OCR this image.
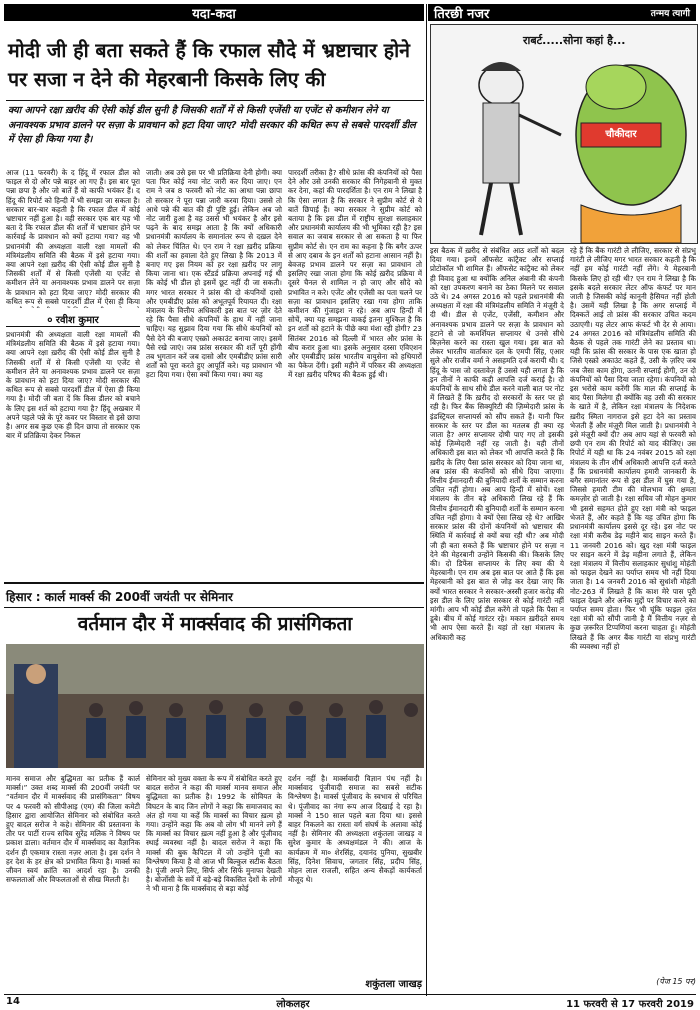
यदा-कदा	तिरछी नजर	तन्मय त्यागी
मोदी जी ही बता सकते हैं कि रफाल सौदे में भ्रष्टाचार होने पर सजा न देने की मेहरबानी किसके लिए की
क्या आपने रक्षा ख़रीद की ऐसी कोई डील सुनी है जिसकी शर्तों में से किसी एजेंसी या एजेंट से कमीशन लेने या अनावश्यक प्रभाव डालने पर सज़ा के प्रावधान को हटा दिया जाए? मोदी सरकार की कथित रूप से सबसे पारदर्शी डील में ऐसा ही किया गया है।
आज (11 फरवरी) के द हिंदू में रफाल डील को फाइल से दो और पन्ने बाहर आ गए हैं। इस बार पूरा पन्ना छपा है और जो बातें हैं वो काफी भयंकर हैं। द हिंदू की रिपोर्ट को हिन्दी में भी समझा जा सकता है। सरकार बार-बार कहती है कि रफाल डील में कोई भ्रष्टाचार नहीं हुआ है। वही सरकार एक बार यह भी बता दे कि रफाल डील की शर्तों में भ्रष्टाचार होने पर कार्रवाई के प्रावधान को क्यों हटाया गया? वह भी प्रधानमंत्री की अध्यक्षता वाली रक्षा मामलों की मंत्रिमंडलीय समिति की बैठक में इसे हटाया गया। क्या आपने रक्षा ख़रीद की ऐसी कोई डील सुनी है जिसकी शर्तों में से किसी एजेंसी या एजेंट से कमीशन लेने या अनावश्यक प्रभाव डालने पर सज़ा के प्रावधान को हटा दिया जाए? मोदी सरकार की कथित रूप से सबसे पारदर्शी डील में ऐसा ही किया
० रवीश कुमार
प्रधानमंत्री की अध्यक्षता वाली रक्षा मामलों की मंत्रिमंडलीय समिति की बैठक में इसे हटाया गया। क्या आपने रक्षा ख़रीद की ऐसी कोई डील सुनी है जिसकी शर्तों में से किसी एजेंसी या एजेंट से कमीशन लेने या अनावश्यक प्रभाव डालने पर सज़ा के प्रावधान को हटा दिया जाए? मोदी सरकार की कथित रूप से सबसे पारदर्शी डील में ऐसा ही किया गया है। मोदी जी बता दें कि किस डीलर को बचाने के लिए इस शर्त को हटाया गया है? हिंदू अखबार में अपने पहले पन्ने के पूरे कवर पर विस्तार से इसे छापा है। अगर सब कुछ एक ही दिन छापा तो सरकार एक बार में प्रतिक्रिया देकर निकल
जाती। अब उसे इस पर भी प्रतिक्रिया देनी होगी। क्या पता फिर कोई नया नोट जारी कर दिया जाए। एन राम ने जब 8 फरवरी को नोट का आधा पन्ना छापा तो सरकार ने पूरा पन्ना जारी करवा दिया। उससे तो आधे पन्ने की बात की ही पुष्टि हुई। लेकिन अब जो नोट जारी हुआ है वह उससे भी भयंकर है और इसे पढ़ने के बाद समझ आता है कि क्यों अधिकारी प्रधानमंत्री कार्यालय के समानांतर रूप से दख़ल देने को लेकर चिंतित थे। एन राम ने रक्षा ख़रीद प्रक्रिया की शर्तों का हवाला देते हुए लिखा है कि 2013 में बनाए गए इस नियम को हर रक्षा ख़रीद पर लागू किया जाना था। एक स्टैंडर्ड प्रक्रिया अपनाई गई थी कि कोई भी डील हो इसमें छूट नहीं दी जा सकती। मगर भारत सरकार ने फ्रांस की दो कंपनियों दासो और एमबीडीए फ्रांस को अभूतपूर्व रियायत दी। रक्षा मंत्रालय के वित्तीय अधिकारी इस बात पर ज़ोर देते रहे कि पैसा सीधे कंपनियों के हाथ में नहीं जाना चाहिए। यह सुझाव दिया गया कि सीधे कंपनियों को पैसे देने की बजाए एस्क्रो अकाउंट बनाया जाए। इसमें पैसे रखे जाएं। जब फ्रांस सरकार की शर्तें पूरी होंगी तब भुगतान करें जब दासो और एमबीडीए फ्रांस सारी शर्तों को पूरा करते हुए आपूर्ति करे। यह प्रावधान भी हटा दिया गया। ऐसा क्यों किया गया। क्या यह
पारदर्शी तरीका है? सीधे फ्रांस की कंपनियों को पैसा देने और उसे उनकी सरकार की निगेहबानी से मुक्त कर देना, कहां की पारदर्शिता है। एन राम ने लिखा है कि ऐसा लगता है कि सरकार ने सुप्रीम कोर्ट से ये बातें छिपाई हैं। क्या सरकार ने सुप्रीम कोर्ट को बताया है कि इस डील में राष्ट्रीय सुरक्षा सलाहकार और प्रधानमंत्री कार्यालय की भी भूमिका रही है? इस सवाल का जवाब सरकार से आ सकता है या फिर सुप्रीम कोर्ट से। एन राम का कहना है कि बगैर ऊपर से आए दबाव के इन शर्तों को हटाना आसान नहीं है। बेवजह प्रभाव डालने पर सज़ा का प्रावधान तो इसलिए रखा जाता होगा कि कोई ख़रीद प्रक्रिया में दूसरे चैनल से शामिल न हो जाए और सौदे को प्रभावित न करे। एजेंट और एजेंसी का पता चलने पर सज़ा का प्रावधान इसलिए रखा गया होगा ताकि कमीशन की गुंजाइश न रहे। अब आप हिन्दी में सोचें, क्या यह समझना वाकई इतना मुश्किल है कि इन शर्तों को हटाने के पीछे क्या मंशा रही होगी? 23 सितंबर 2016 को दिल्ली में भारत और फ्रांस के बीच करार हुआ था। इसके अनुसार दस्सा एविएशन और एमबीडीए फ्रांस भारतीय वायुसेना को हथियारों का पैकेज देंगी। इसी महीने में परिकर की अध्यक्षता में रक्षा ख़रीद परिषद की बैठक हुई थी।
राबर्ट.....सोना कहां है...
चौकीदार
इस बैठक में ख़रीद से संबंधित आठ शर्तों को बदल दिया गया। इनमें ऑफसेट कांट्रैक्ट और सप्लाई प्रोटोकॉल भी शामिल हैं। ऑफसेट कांट्रैक्ट को लेकर ही विवाद हुआ था क्योंकि अनिल अंबानी की कंपनी को रक्षा उपकरण बनाने का ठेका मिलने पर सवाल उठे थे। 24 अगस्त 2016 को पहले प्रधानमंत्री की अध्यक्षता में रक्षा की मंत्रिमंडलीय समिति ने मंज़ूरी दे दी थी। डील से एजेंट, एजेंसी, कमीशन और अनावश्यक प्रभाव डालने पर सज़ा के प्रावधान को हटाने से जो कमर्शियल सप्लायर थे उनसे सीधे बिज़नेस करने का रास्ता खुल गया। इस बात को लेकर भारतीय वार्ताकार दल के एमपी सिंह, एआर सुले और राजीव वर्मा ने असहमति दर्ज करायी थी। द हिंदू के पास जो दस्तावेज़ हैं उससे यही लगता है कि इन तीनों ने काफी कड़ी आपत्ति दर्ज कराई है। दो कंपनियों के साथ सीधे डील करने वाली बात पर नोट में लिखते हैं कि ख़रीद दो सरकारों के स्तर पर हो रही है। फिर बैंक सिक्यूरिटी की ज़िम्मेदारी फ्रांस के इंडस्ट्रियल सप्लायर्स को सौंप सकते हैं। यानी फिर सरकार के स्तर पर डील का मतलब ही क्या रह जाता है? अगर सप्लायर दोषी पाए गए तो इसकी कोई ज़िम्मेदारी नहीं रह जाती है। यही तीनों अधिकारी इस बात को लेकर भी आपत्ति करते हैं कि ख़रीद के लिए पैसा फ्रांस सरकार को दिया जाना था, अब फ्रांस की कंपनियों को सीधे दिया जाएगा। वित्तीय ईमानदारी की बुनियादी शर्तों के सम्मान करना उचित नहीं होगा। अब आप हिन्दी में सोचें। रक्षा मंत्रालय के तीन बड़े अधिकारी लिख रहे हैं कि वित्तीय ईमानदारी की बुनियादी शर्तों के सम्मान करना उचित नहीं होगा। वे क्यों ऐसा लिख रहे थे? आखिर सरकार फ्रांस की दोनों कंपनियों को भ्रष्टाचार की स्थिति में कार्रवाई से क्यों बचा रही थी? अब मोदी जी ही बता सकते हैं कि भ्रष्टाचार होने पर सज़ा न देने की मेहरबानी उन्होंने किसकी की। किसके लिए की। दो डिफेंस सप्लायर के लिए क्या की ये मेहरबानी। एन राम अब इस बात पर आते हैं कि इस मेहरबानी को इस बात से जोड़ कर देखा जाए कि क्यों भारत सरकार ने सरकार-अस्सी हजार करोड़ की इस डील के लिए फ्रांस सरकार से कोई गारंटी नहीं मांगी। आप भी कोई डील करेंगे तो पहले कि पैसा न डूबे। बीच में कोई गारंटर रहे। मकान ख़रीदते समय भी आप ऐसा करते हैं। यहां तो रक्षा मंत्रालय के अधिकारी कह
रहे हैं कि बैंक गारंटी ले लीजिए, सरकार से संप्रभु गारंटी ले लीजिए मगर भारत सरकार कहती है कि नहीं हम कोई गारंटी नहीं लेंगे। ये मेहरबानी किसके लिए हो रही थी? एन राम ने लिखा है कि इसके बदले सरकार लेटर ऑफ कंफर्ट पर मान जाती है जिसकी कोई कानूनी हैसियत नहीं होती है। उसमें यही लिखा है कि अगर सप्लाई में दिक्कतें आई तो फ्रांस की सरकार उचित कदम उठाएगी। यह लेटर आफ कंफर्ट भी देर से आया। 24 अगस्त 2016 को मंत्रिमंडलीय समिति की बैठक से पहले तक गारंटी लेने का प्रस्ताव था। यही कि फ्रांस की सरकार के पास एक खाता हो जिसे एस्क्रो अकाउंट कहते हैं, उसी के ज़रिए जब जब जैसा काम होगा, उतनी सप्लाई होगी, उन दो कंपनियों को पैसा दिया जाता रहेगा। कंपनियों को इस भरोसे काम करेंगी कि माल की सप्लाई के बाद पैसा मिलेगा ही क्योंकि वह उसी की सरकार के खाते में है, लेकिन रक्षा मंत्रालय के निदेशक ख़रीद स्मिता नागराज इसे हटा देने का प्रस्ताव भेजती हैं और मंज़ूरी मिल जाती है। प्रधानमंत्री ने इसे मंज़ूरी क्यों दी? अब आप यहां से फरवरी को छपी एन राम की रिपोर्ट को याद कीजिए। उस रिपोर्ट में यही था कि 24 नवंबर 2015 को रक्षा मंत्रालय के तीन शीर्ष अधिकारी आपत्ति दर्ज करते हैं कि प्रधानमंत्री कार्यालय हमारी जानकारी के बगैर समानांतर रूप से इस डील में घुस गया है, जिससे हमारी टीम की मोलभाव की क्षमता कमज़ोर हो जाती है। रक्षा सचिव जी मोहन कुमार भी इससे सहमत होते हुए रक्षा मंत्री को फाइल भेजते हैं, और कहते हैं कि यह उचित होगा कि प्रधानमंत्री कार्यालय इससे दूर रहे। इस नोट पर रक्षा मंत्री करीब डेढ़ महीने बाद साइन करते हैं। 11 जनवरी 2016 को। खुद रक्षा मंत्री फाइल पर साइन करने में डेढ़ महीना लगाते हैं, लेकिन रक्षा मंत्रालय में वित्तीय सलाहकार सुधांशु मोहंती को फाइल देखने का पर्याप्त समय भी नहीं दिया जाता है। 14 जनवरी 2016 को सुधांशी मोहंती नोट-263 में लिखते हैं कि काश मेरे पास पूरी फाइल देखने और अनेक मुद्दों पर विचार करने का पर्याप्त समय होता। फिर भी चूंकि फाइल तुरंत रक्षा मंत्री को सौंपी जानी है मैं वित्तीय नज़र से कुछ ज़रूरित टिप्पणियां करना चाहता हूं। मोहंती लिखते हैं कि अगर बैंक गारंटी या संप्रभु गारंटी की व्यवस्था नहीं हो
(पेज 15 पर)
हिसार : कार्ल मार्क्स की 200वीं जयंती पर सेमिनार
वर्तमान दौर में मार्क्सवाद की प्रासंगिकता
मानव समाज और बुद्धिमता का प्रतीक हैं कार्ल मार्क्स।” उक्त शब्द मार्क्स की 200वीं जयंती पर “वर्तमान दौर में मार्क्सवाद की प्रासंगिकता” विषय पर 4 फरवरी को सीपीआइ (एम) की जिला कमेटी हिसार द्वारा आयोजित सेमिनार को संबोधित करते हुए बादल सरोज ने कहे। सेमिनार की प्रस्तावना के तौर पर पार्टी राज्य सचिव सुरेंद्र मलिक ने विषय पर प्रकाश डाला। वर्तमान दौर में मार्क्सवाद का वैज्ञानिक दर्शन ही एकमात्र रास्ता नज़र आता है। इस दर्शन ने हर देश के हर क्षेत्र को प्रभावित किया है। मार्क्स का जीवन स्वयं क्रांति का आदर्श रहा है। उनकी सफलताओं और विफलताओं से सीख मिलती है।
सेमिनार को मुख्य वक्ता के रूप में संबोधित करते हुए बादल सरोज ने कहा की मार्क्स मानव समाज और बुद्धिमता का प्रतीक है। 1992 के सोवियत के विघटन के बाद जिन लोगों ने कहा कि समाजवाद का अंत हो गया या कहें कि मार्क्स का विचार ख़त्म हो गया। उन्होंने कहा कि अब वो लोग भी मानने लगे हैं कि मार्क्स का विचार ख़त्म नहीं हुआ है और पूंजीवाद स्थाई व्यवस्था नहीं है। बादल सरोज ने कहा कि मार्क्स की बुक कैपिटल में जो उन्होंने पूंजी का विश्लेषण किया है वो आज भी बिल्कुल सटीक बैठता है। पूंजी अपने लिए, सिर्फ और सिर्फ मुनाफा देखती है। बोर्जोसी के सर्वे में बड़े-बड़े विकसित देशों के लोगों ने भी माना है कि मार्क्सवाद से बड़ा कोई
दर्शन नहीं है। मार्क्सवादी विज्ञान पंथ नहीं है। मार्क्सवाद पूंजीवादी समाज का सबसे सटीक विश्लेषण है। मार्क्स पूंजीवाद के स्वभाव से परिचित थे। पूंजीवाद का नंगा रूप आज दिखाई दे रहा है। मार्क्स ने 150 साल पहले बता दिया था। इससे बाहर निकलने का रास्ता वर्ग संघर्ष के अलावा कोई नहीं है। सेमिनार की अध्यक्षता शकुंतला जाखड़ व सुरेश कुमार के अध्यक्षमंडल ने की। आज के कार्यक्रम में मा० शेरसिंह, दयानंद पुनिया, सुखबीर सिंह, दिनेश सिवाच, जगतार सिंह, प्रदीप सिंह, मोहन लाल राजली, सहित अन्य सैकड़ों कार्यकर्ता मौजूद थे।
शकुंतला जाखड़
14	लोकलहर	11 फरवरी से 17 फरवरी 2019
